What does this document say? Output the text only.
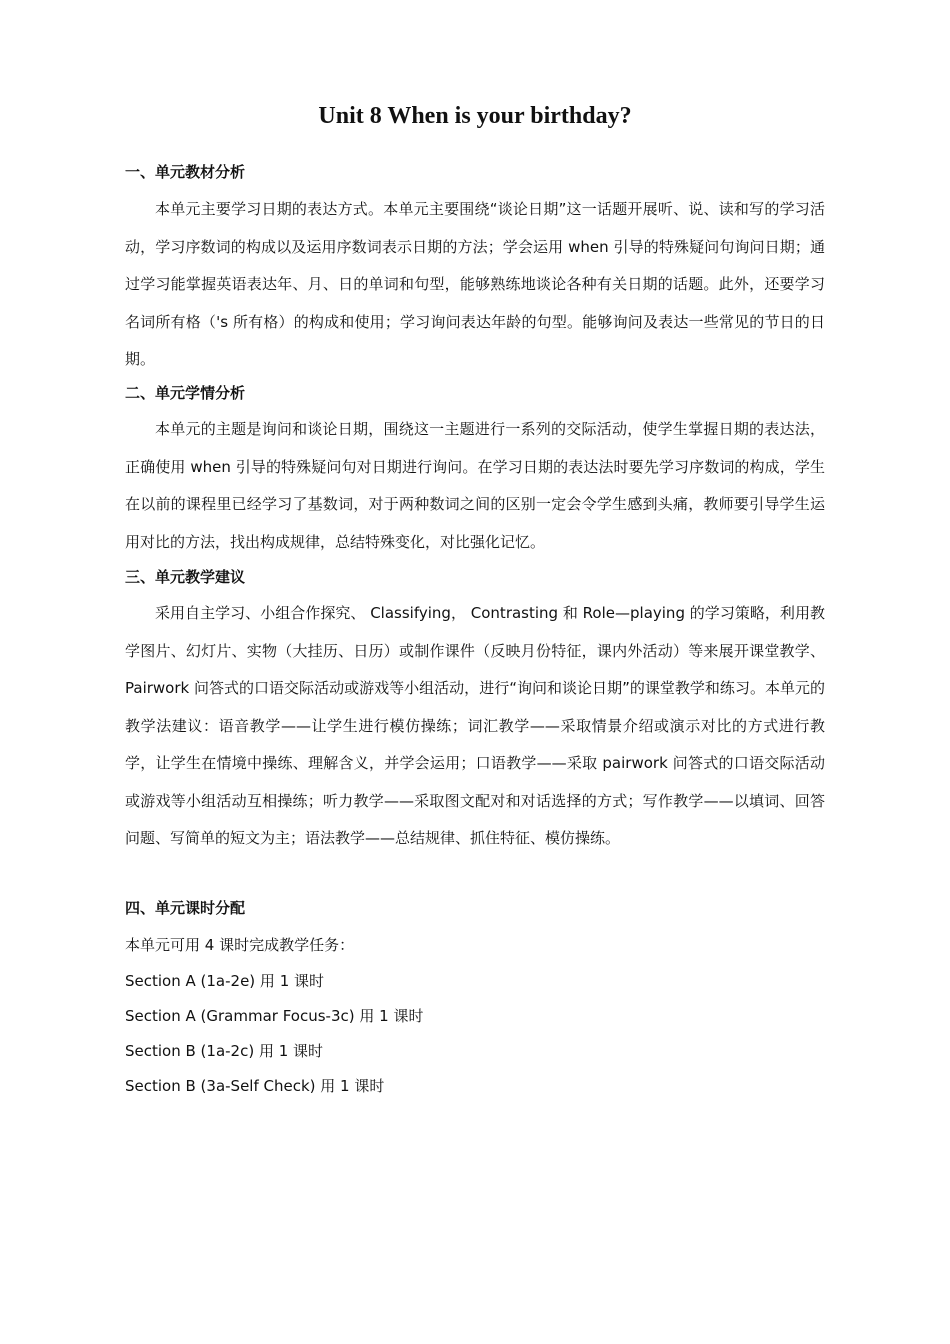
Unit 8 When is your birthday?
一、单元教材分析
本单元主要学习日期的表达方式。本单元主要围绕“谈论日期”这一话题开展听、说、读和写的学习活动，学习序数词的构成以及运用序数词表示日期的方法；学会运用 when 引导的特殊疑问句询问日期；通过学习能掌握英语表达年、月、日的单词和句型，能够熟练地谈论各种有关日期的话题。此外，还要学习名词所有格（'s 所有格）的构成和使用；学习询问表达年龄的句型。能够询问及表达一些常见的节日的日期。
二、单元学情分析
本单元的主题是询问和谈论日期，围绕这一主题进行一系列的交际活动，使学生掌握日期的表达法，正确使用 when 引导的特殊疑问句对日期进行询问。在学习日期的表达法时要先学习序数词的构成，学生在以前的课程里已经学习了基数词，对于两种数词之间的区别一定会令学生感到头痛，教师要引导学生运用对比的方法，找出构成规律，总结特殊变化，对比强化记忆。
三、单元教学建议
采用自主学习、小组合作探究、 Classifying， Contrasting 和 Role—playing 的学习策略，利用教学图片、幻灯片、实物（大挂历、日历）或制作课件（反映月份特征，课内外活动）等来展开课堂教学、 Pairwork 问答式的口语交际活动或游戏等小组活动，进行“询问和谈论日期”的课堂教学和练习。本单元的教学法建议：语音教学——让学生进行模仿操练；词汇教学——采取情景介绍或演示对比的方式进行教学，让学生在情境中操练、理解含义，并学会运用；口语教学——采取 pairwork 问答式的口语交际活动或游戏等小组活动互相操练；听力教学——采取图文配对和对话选择的方式；写作教学——以填词、回答问题、写简单的短文为主；语法教学——总结规律、抓住特征、模仿操练。
四、单元课时分配
本单元可用 4 课时完成教学任务：
Section A (1a-2e) 用 1 课时
Section A (Grammar Focus-3c) 用 1 课时
Section B (1a-2c) 用 1 课时
Section B (3a-Self Check) 用 1 课时
